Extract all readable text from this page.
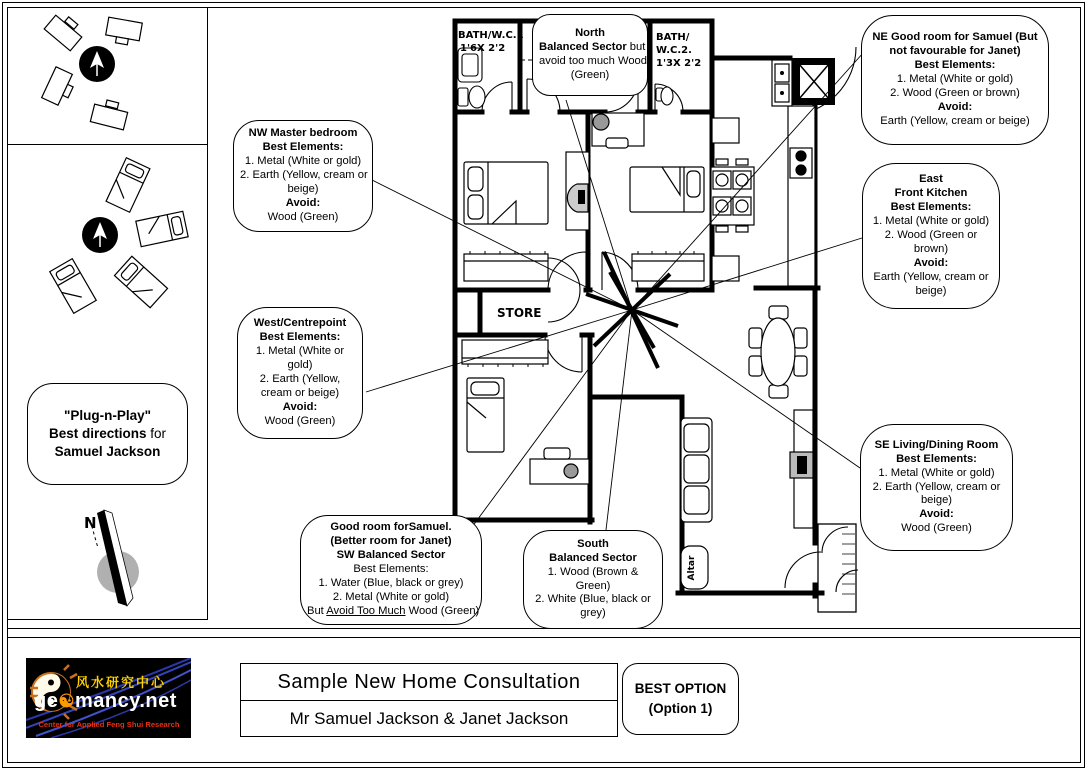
N
BATH/W.C.1
1'6X 2'2
BATH/
W.C.2.
1'3X 2'2
STORE
Altar
North
Balanced Sector but
avoid too much Wood
(Green)
NE Good room for Samuel (But
not favourable for Janet)
Best Elements:
1. Metal (White or gold)
2. Wood (Green or brown)
Avoid:
Earth (Yellow, cream or beige)
NW Master bedroom
Best Elements:
1. Metal (White or gold)
2. Earth (Yellow, cream or
beige)
Avoid:
Wood (Green)
East
Front Kitchen
Best Elements:
1. Metal (White or gold)
2. Wood (Green or
brown)
Avoid:
Earth (Yellow, cream or
beige)
West/Centrepoint
Best Elements:
1. Metal (White or
gold)
2. Earth (Yellow,
cream or beige)
Avoid:
Wood (Green)
SE Living/Dining Room
Best Elements:
1. Metal (White or gold)
2. Earth (Yellow, cream or
beige)
Avoid:
Wood (Green)
Good room forSamuel.
(Better room for Janet)
SW Balanced Sector
Best Elements:
1. Water (Blue, black or grey)
2. Metal (White or gold)
But Avoid Too Much Wood (Green)
South
Balanced Sector
1. Wood (Brown &
Green)
2. White (Blue, black or
grey)
"Plug-n-Play"
Best directions for
Samuel Jackson
风水研究中心
ge☯mancy.net
Center for Applied Feng Shui Research
Sample New Home Consultation
Mr Samuel Jackson & Janet Jackson
BEST OPTION
(Option 1)
